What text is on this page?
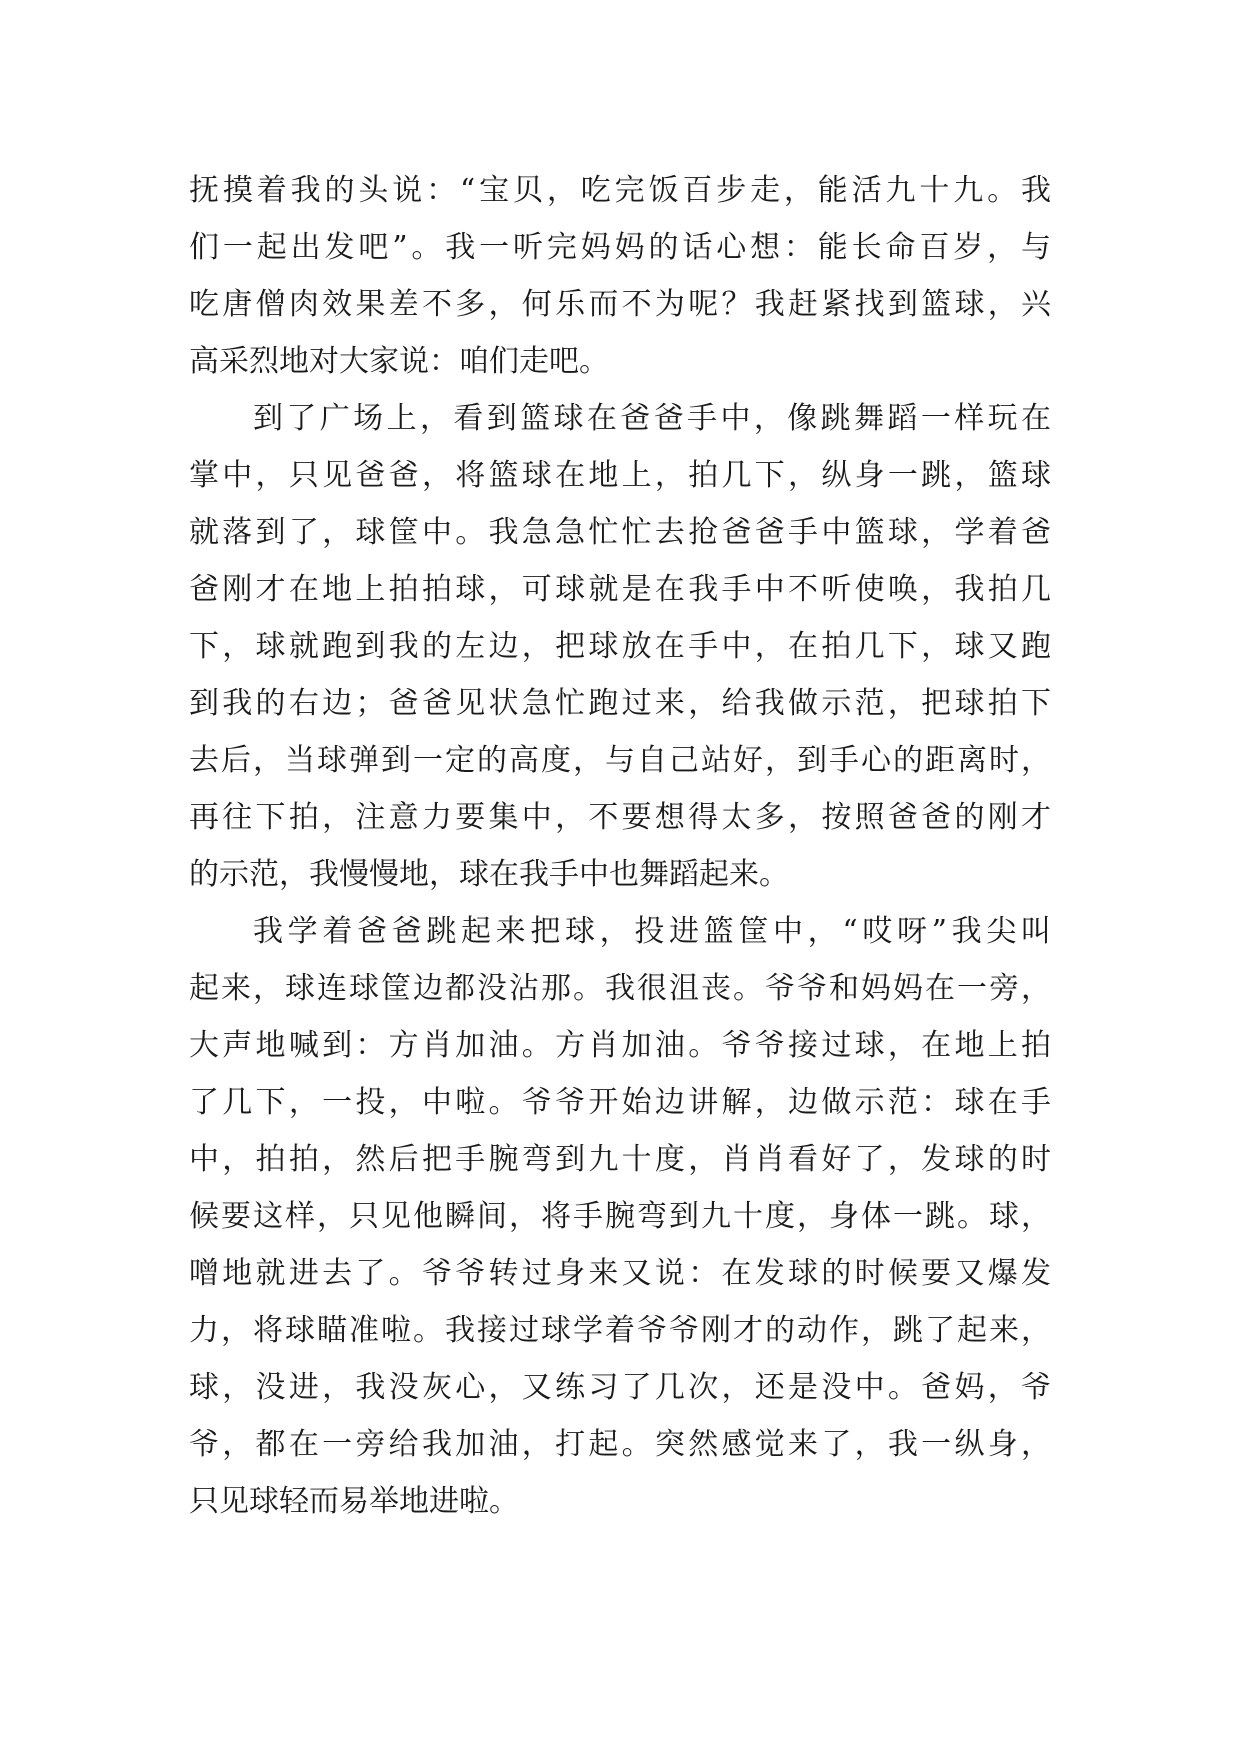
抚摸着我的头说：“宝贝，吃完饭百步走，能活九十九。我
们一起出发吧”。我一听完妈妈的话心想：能长命百岁，与
吃唐僧肉效果差不多，何乐而不为呢？我赶紧找到篮球，兴
高采烈地对大家说：咱们走吧。
到了广场上，看到篮球在爸爸手中，像跳舞蹈一样玩在
掌中，只见爸爸，将篮球在地上，拍几下，纵身一跳，篮球
就落到了，球筐中。我急急忙忙去抢爸爸手中篮球，学着爸
爸刚才在地上拍拍球，可球就是在我手中不听使唤，我拍几
下，球就跑到我的左边，把球放在手中，在拍几下，球又跑
到我的右边；爸爸见状急忙跑过来，给我做示范，把球拍下
去后，当球弹到一定的高度，与自己站好，到手心的距离时，
再往下拍，注意力要集中，不要想得太多，按照爸爸的刚才
的示范，我慢慢地，球在我手中也舞蹈起来。
我学着爸爸跳起来把球，投进篮筐中，“哎呀”我尖叫
起来，球连球筐边都没沾那。我很沮丧。爷爷和妈妈在一旁，
大声地喊到：方肖加油。方肖加油。爷爷接过球，在地上拍
了几下，一投，中啦。爷爷开始边讲解，边做示范：球在手
中，拍拍，然后把手腕弯到九十度，肖肖看好了，发球的时
候要这样，只见他瞬间，将手腕弯到九十度，身体一跳。球，
噌地就进去了。爷爷转过身来又说：在发球的时候要又爆发
力，将球瞄准啦。我接过球学着爷爷刚才的动作，跳了起来，
球，没进，我没灰心，又练习了几次，还是没中。爸妈，爷
爷，都在一旁给我加油，打起。突然感觉来了，我一纵身，
只见球轻而易举地进啦。
